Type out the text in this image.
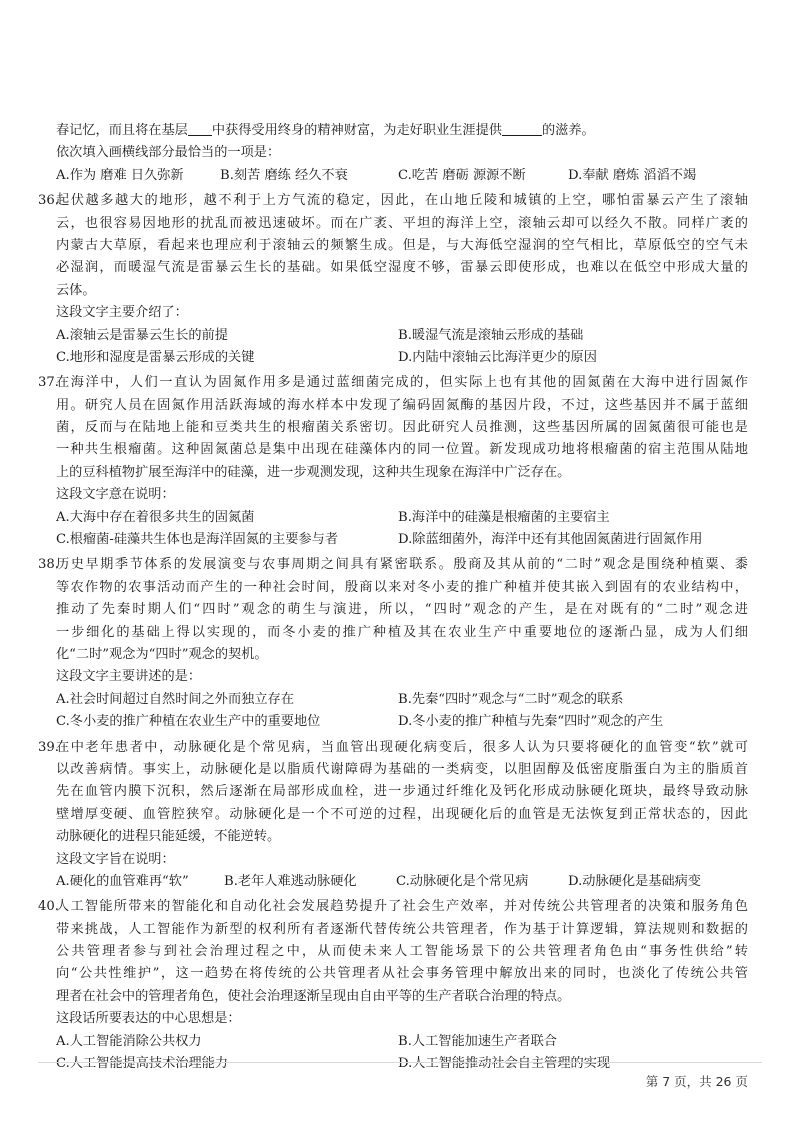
春记忆，而且将在基层 中获得受用终身的精神财富，为走好职业生涯提供	的滋养。
依次填入画横线部分最恰当的一项是：
A.作为 磨难 日久弥新	B.刻苦 磨练 经久不衰	C.吃苦 磨砺 源源不断	D.奉献 磨炼 滔滔不竭
36.
起伏越多越大的地形，越不利于上方气流的稳定，因此，在山地丘陵和城镇的上空，哪怕雷暴云产生了滚轴
云，也很容易因地形的扰乱而被迅速破坏。而在广袤、平坦的海洋上空，滚轴云却可以经久不散。同样广袤的
内蒙古大草原，看起来也理应利于滚轴云的频繁生成。但是，与大海低空湿润的空气相比，草原低空的空气未
必湿润，而暖湿气流是雷暴云生长的基础。如果低空湿度不够，雷暴云即使形成，也难以在低空中形成大量的
云体。
这段文字主要介绍了：
A.滚轴云是雷暴云生长的前提	B.暖湿气流是滚轴云形成的基础
C.地形和湿度是雷暴云形成的关键	D.内陆中滚轴云比海洋更少的原因
37.
在海洋中，人们一直认为固氮作用多是通过蓝细菌完成的，但实际上也有其他的固氮菌在大海中进行固氮作
用。研究人员在固氮作用活跃海域的海水样本中发现了编码固氮酶的基因片段，不过，这些基因并不属于蓝细
菌，反而与在陆地上能和豆类共生的根瘤菌关系密切。因此研究人员推测，这些基因所属的固氮菌很可能也是
一种共生根瘤菌。这种固氮菌总是集中出现在硅藻体内的同一位置。新发现成功地将根瘤菌的宿主范围从陆地
上的豆科植物扩展至海洋中的硅藻，进一步观测发现，这种共生现象在海洋中广泛存在。
这段文字意在说明：
A.大海中存在着很多共生的固氮菌	B.海洋中的硅藻是根瘤菌的主要宿主
C.根瘤菌-硅藻共生体也是海洋固氮的主要参与者	D.除蓝细菌外，海洋中还有其他固氮菌进行固氮作用
38.
历史早期季节体系的发展演变与农事周期之间具有紧密联系。殷商及其从前的“二时”观念是围绕种植粟、黍
等农作物的农事活动而产生的一种社会时间，殷商以来对冬小麦的推广种植并使其嵌入到固有的农业结构中，
推动了先秦时期人们“四时”观念的萌生与演进，所以，“四时”观念的产生，是在对既有的“二时”观念进
一步细化的基础上得以实现的，而冬小麦的推广种植及其在农业生产中重要地位的逐渐凸显，成为人们细
化“二时”观念为“四时”观念的契机。
这段文字主要讲述的是：
A.社会时间超过自然时间之外而独立存在	B.先秦“四时”观念与“二时”观念的联系
C.冬小麦的推广种植在农业生产中的重要地位	D.冬小麦的推广种植与先秦“四时”观念的产生
39.
在中老年患者中，动脉硬化是个常见病，当血管出现硬化病变后，很多人认为只要将硬化的血管变“软”就可
以改善病情。事实上，动脉硬化是以脂质代谢障碍为基础的一类病变，以胆固醇及低密度脂蛋白为主的脂质首
先在血管内膜下沉积，然后逐渐在局部形成血栓，进一步通过纤维化及钙化形成动脉硬化斑块，最终导致动脉
壁增厚变硬、血管腔狭窄。动脉硬化是一个不可逆的过程，出现硬化后的血管是无法恢复到正常状态的，因此
动脉硬化的进程只能延缓，不能逆转。
这段文字旨在说明：
A.硬化的血管难再“软”	B.老年人难逃动脉硬化	C.动脉硬化是个常见病	D.动脉硬化是基础病变
40.
人工智能所带来的智能化和自动化社会发展趋势提升了社会生产效率，并对传统公共管理者的决策和服务角色
带来挑战，人工智能作为新型的权利所有者逐渐代替传统公共管理者，作为基于计算逻辑，算法规则和数据的
公共管理者参与到社会治理过程之中，从而使未来人工智能场景下的公共管理者角色由“事务性供给”转
向“公共性维护”，这一趋势在将传统的公共管理者从社会事务管理中解放出来的同时，也淡化了传统公共管
理者在社会中的管理者角色，使社会治理逐渐呈现由自由平等的生产者联合治理的特点。
这段话所要表达的中心思想是：
A.人工智能消除公共权力	B.人工智能加速生产者联合
C.人工智能提高技术治理能力	D.人工智能推动社会自主管理的实现
第 7 页，共 26 页
